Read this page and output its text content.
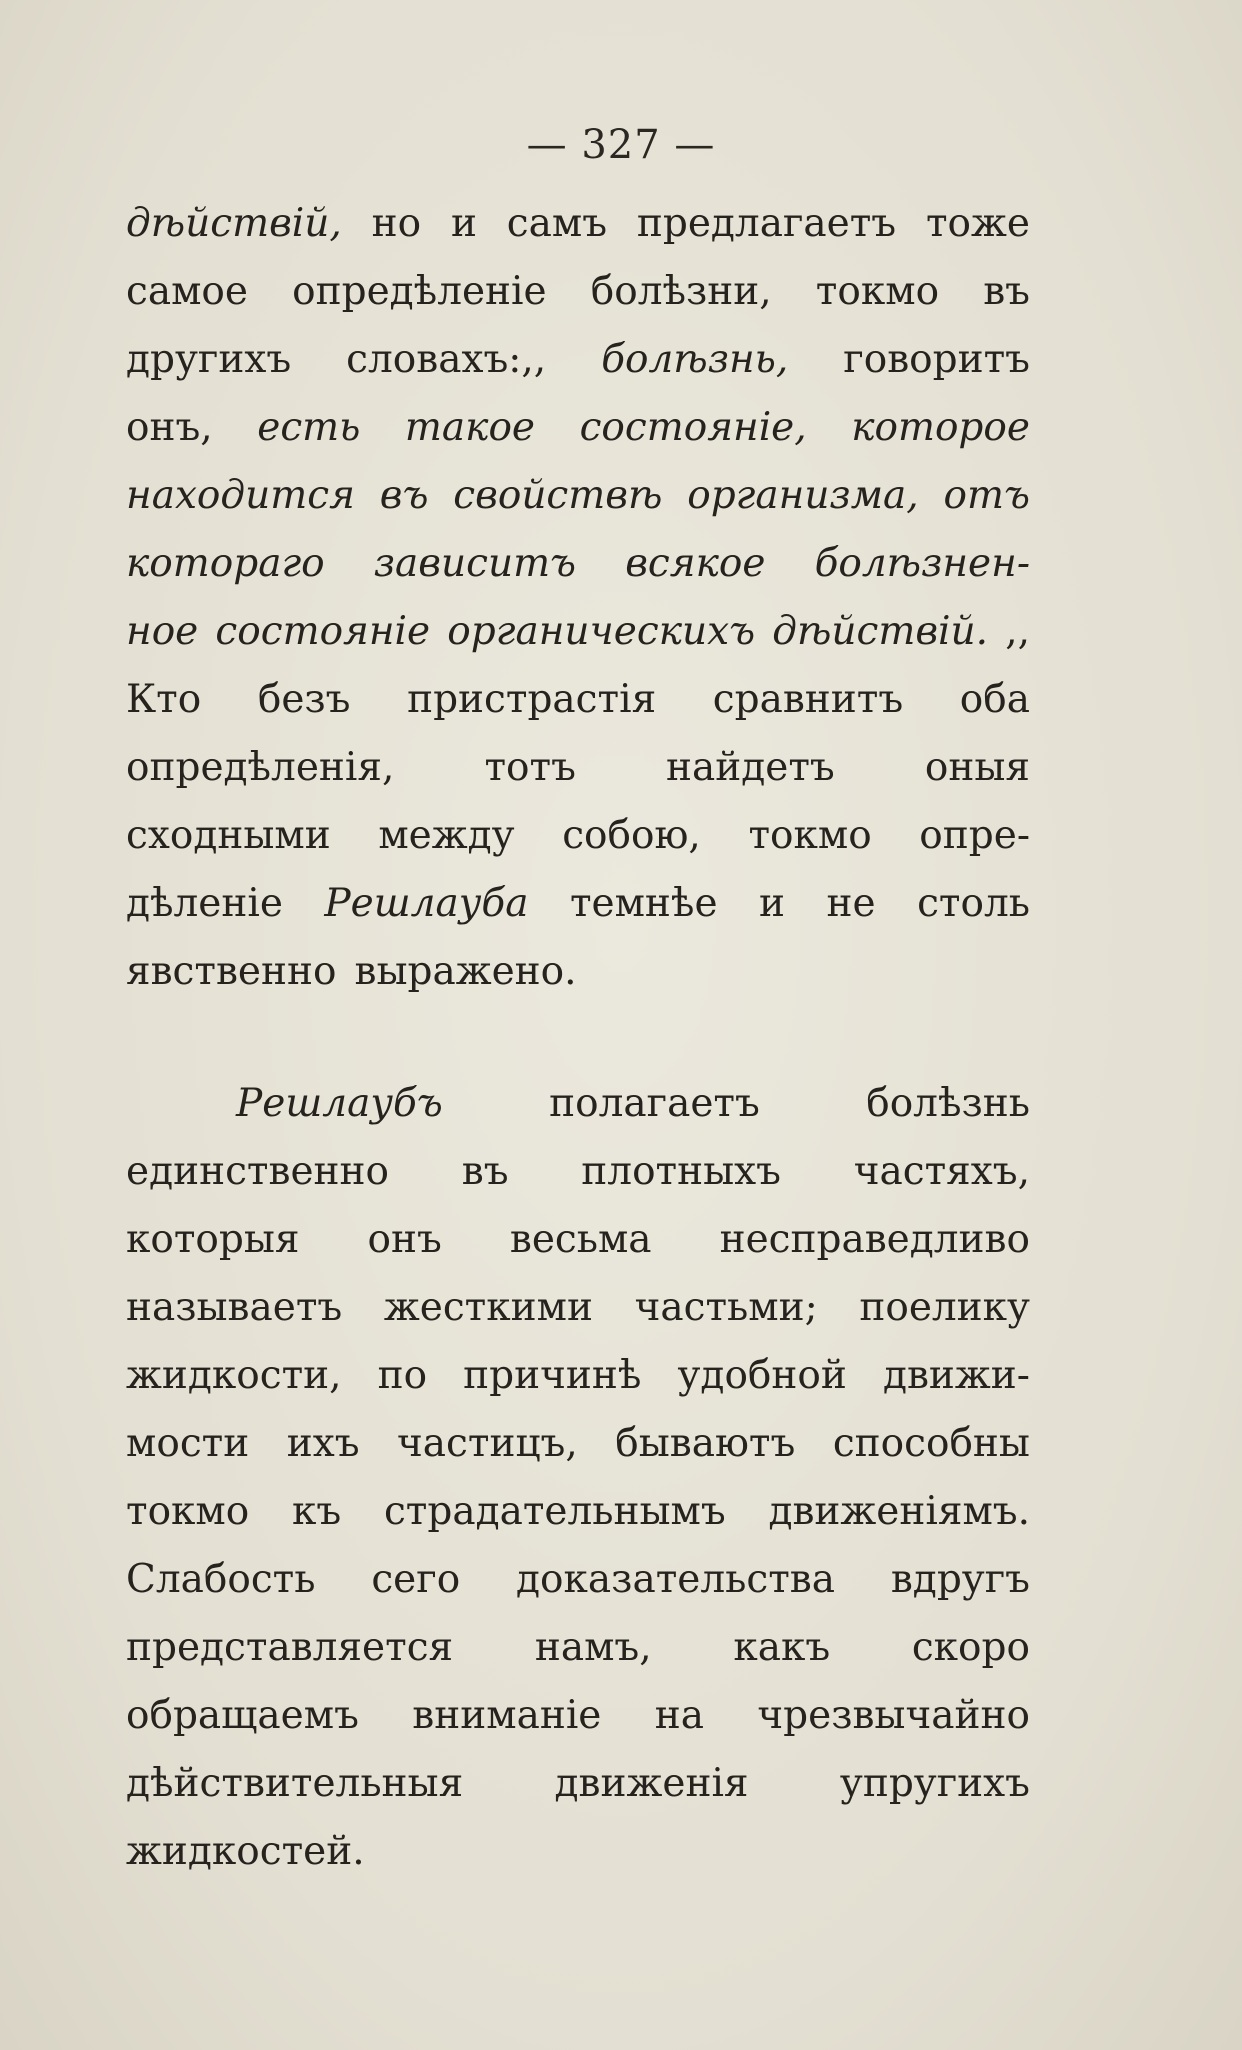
— 327 —
дѣйствій, но и самъ предлагаетъ тоже
самое опредѣленіе болѣзни, токмо въ
другихъ словахъ:,, болѣзнь, говоритъ
онъ, есть такое состояніе, которое
находится въ свойствѣ организма, отъ
котораго зависитъ всякое болѣзнен-
ное состояніе органическихъ дѣйствій. ,,
Кто безъ пристрастія сравнитъ оба
опредѣленія, тотъ найдетъ оныя
сходными между собою, токмо опре-
дѣленіе Решлауба темнѣе и не столь
явственно выражено.
Решлаубъ	полагаетъ	болѣзнь
единственно въ плотныхъ частяхъ,
которыя онъ весьма несправедливо
называетъ жесткими частьми; поелику
жидкости, по причинѣ удобной движи-
мости ихъ частицъ, бываютъ способны
токмо къ страдательнымъ движеніямъ.
Слабость сего доказательства вдругъ
представляется намъ, какъ скоро
обращаемъ вниманіе на чрезвычайно
дѣйствительныя движенія упругихъ
жидкостей.
